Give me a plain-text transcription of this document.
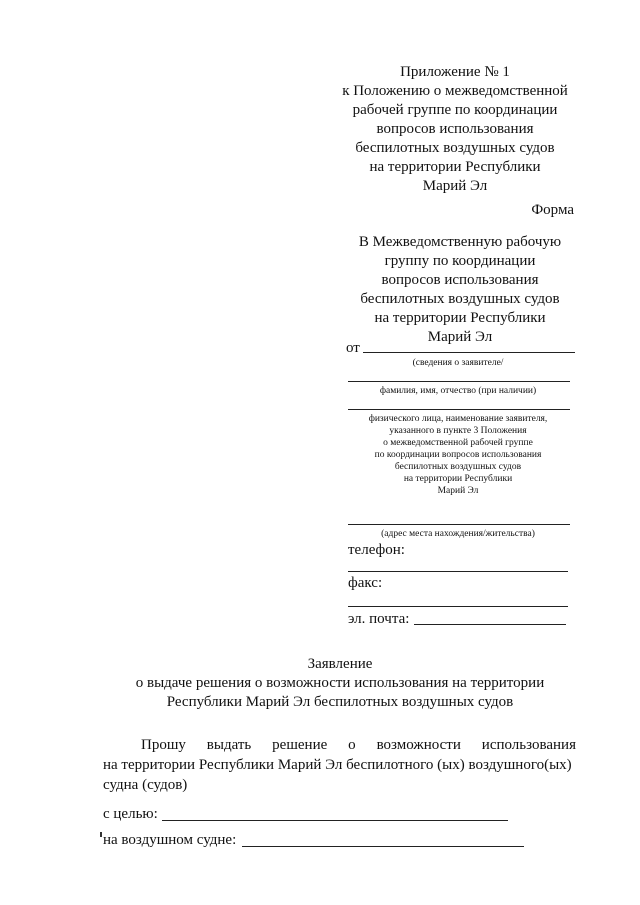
Приложение № 1
к Положению о межведомственной
рабочей группе по координации
вопросов использования
беспилотных воздушных судов
на территории Республики
Марий Эл
Форма
В Межведомственную рабочую
группу по координации
вопросов использования
беспилотных воздушных судов
на территории Республики
Марий Эл
от
(сведения о заявителе/
фамилия, имя, отчество (при наличии)
физического лица, наименование заявителя,
указанного в пункте 3 Положения
о межведомственной рабочей группе
по координации вопросов использования
беспилотных воздушных судов
на территории Республики
Марий Эл
(адрес места нахождения/жительства)
телефон:
факс:
эл. почта:
Заявление
о выдаче решения о возможности использования на территории
Республики Марий Эл беспилотных воздушных судов
Прошу выдать решение о возможности использования
на территории Республики Марий Эл беспилотного (ых) воздушного(ых)
судна (судов)
с целью:
на воздушном судне:
